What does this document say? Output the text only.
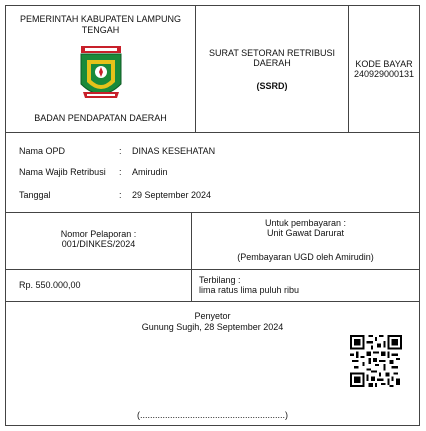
PEMERINTAH KABUPATEN LAMPUNG
TENGAH
BADAN PENDAPATAN DAERAH
SURAT SETORAN RETRIBUSI
DAERAH
(SSRD)
KODE BAYAR
240929000131
Nama OPD	:	DINAS KESEHATAN
Nama Wajib Retribusi	:	Amirudin
Tanggal	:	29 September 2024
Nomor Pelaporan :
001/DINKES/2024
Untuk pembayaran :
Unit Gawat Darurat
(Pembayaran UGD oleh Amirudin)
Rp. 550.000,00	Terbilang :
lima ratus lima puluh ribu
Penyetor
Gunung Sugih, 28 September 2024
(..........................................................)
